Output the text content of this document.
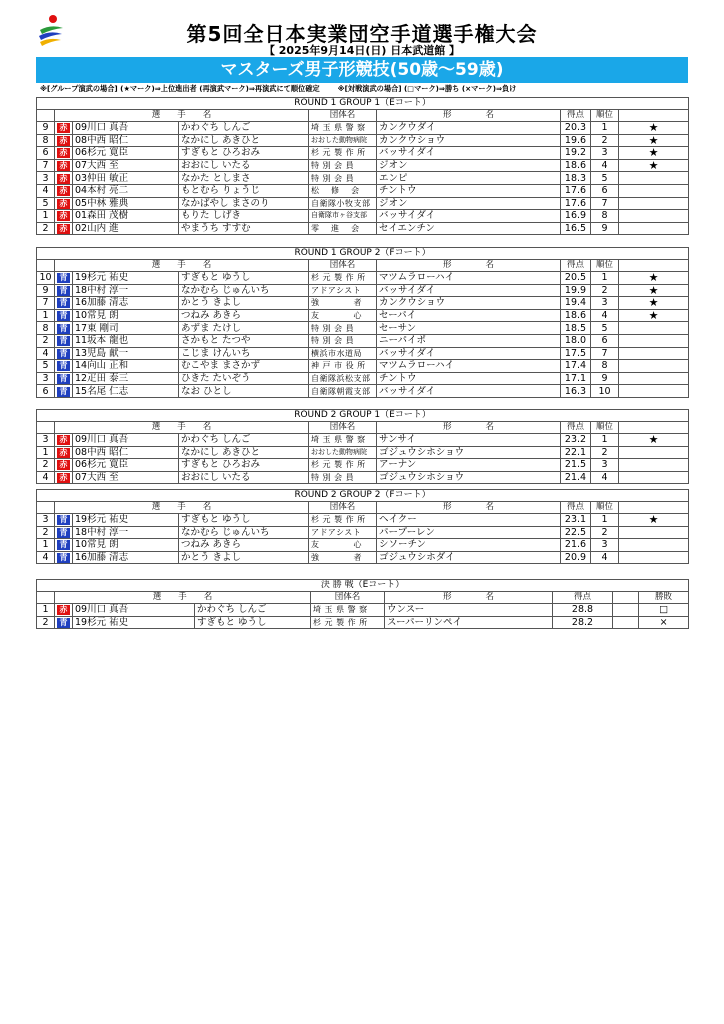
第5回全日本実業団空手道選手権大会
【 2025年9月14日(日) 日本武道館 】
マスターズ男子形競技(50歳～59歳)
※[グループ演武の場合] (★マーク)⇒上位進出者 (再演武マーク)⇒再演武にて順位確定	※[対戦演武の場合] (□マーク)⇒勝ち (×マーク)⇒負け
ROUND 1 GROUP 1（Eコート）								
	選　　手　　名			団体名	形　　　　名	得点	順位	
9	赤	09川口 真吾	かわぐち しんご	埼 玉 県 警 察	カンクウダイ	20.3	1	★
8	赤	08中西 昭仁	なかにし あきひと	おおした動物病院	カンクウショウ	19.6	2	★
6	赤	06杉元 寛臣	すぎもと ひろおみ	杉 元 製 作 所	バッサイダイ	19.2	3	★
7	赤	07大西 至	おおにし いたる	特 別 会 員	ジオン	18.6	4	★
3	赤	03仲田 敏正	なかた としまさ	特 別 会 員	エンピ	18.3	5	
4	赤	04本村 亮二	もとむら りょうじ	松　 修　 会	チントウ	17.6	6	
5	赤	05中林 雅典	なかばやし まさのり	自衛隊小牧支部	ジオン	17.6	7	
1	赤	01森田 茂樹	もりた しげき	自衛隊市ヶ谷支部	バッサイダイ	16.9	8	
2	赤	02山内 進	やまうち すすむ	零　 進　 会	セイエンチン	16.5	9	
ROUND 1 GROUP 2（Fコート）								
	選　　手　　名			団体名	形　　　　名	得点	順位	
10	青	19杉元 祐史	すぎもと ゆうし	杉 元 製 作 所	マツムラローハイ	20.5	1	★
9	青	18中村 淳一	なかむら じゅんいち	アドアシスト	バッサイダイ	19.9	2	★
7	青	16加藤 清志	かとう きよし	強　　　　者	カンクウショウ	19.4	3	★
1	青	10常見 朗	つねみ あきら	友　　　　心	セーパイ	18.6	4	★
8	青	17東 剛司	あずま たけし	特 別 会 員	セーサン	18.5	5	
2	青	11坂本 龍也	さかもと たつや	特 別 会 員	ニーパイポ	18.0	6	
4	青	13児島 献一	こじま けんいち	横浜市水道局	バッサイダイ	17.5	7	
5	青	14向山 正和	むこやま まさかず	神 戸 市 役 所	マツムラローハイ	17.4	8	
3	青	12疋田 泰三	ひきた たいぞう	自衛隊浜松支部	チントウ	17.1	9	
6	青	15名尾 仁志	なお ひとし	自衛隊朝霞支部	バッサイダイ	16.3	10	
ROUND 2 GROUP 1（Eコート）								
	選　　手　　名			団体名	形　　　　名	得点	順位	
3	赤	09川口 真吾	かわぐち しんご	埼 玉 県 警 察	サンサイ	23.2	1	★
1	赤	08中西 昭仁	なかにし あきひと	おおした動物病院	ゴジュウシホショウ	22.1	2	
2	赤	06杉元 寛臣	すぎもと ひろおみ	杉 元 製 作 所	アーナン	21.5	3	
4	赤	07大西 至	おおにし いたる	特 別 会 員	ゴジュウシホショウ	21.4	4	
ROUND 2 GROUP 2（Fコート）								
	選　　手　　名			団体名	形　　　　名	得点	順位	
3	青	19杉元 祐史	すぎもと ゆうし	杉 元 製 作 所	ヘイクー	23.1	1	★
2	青	18中村 淳一	なかむら じゅんいち	アドアシスト	パープーレン	22.5	2	
1	青	10常見 朗	つねみ あきら	友　　　　心	シソーチン	21.6	3	
4	青	16加藤 清志	かとう きよし	強　　　　者	ゴジュウシホダイ	20.9	4	
決 勝 戦（Eコート）								
	選　　手　　名			団体名	形　　　　名	得点		勝敗
1	赤	09川口 真吾	かわぐち しんご	埼 玉 県 警 察	ウンスー	28.8		□
2	青	19杉元 祐史	すぎもと ゆうし	杉 元 製 作 所	スーパーリンペイ	28.2		×
